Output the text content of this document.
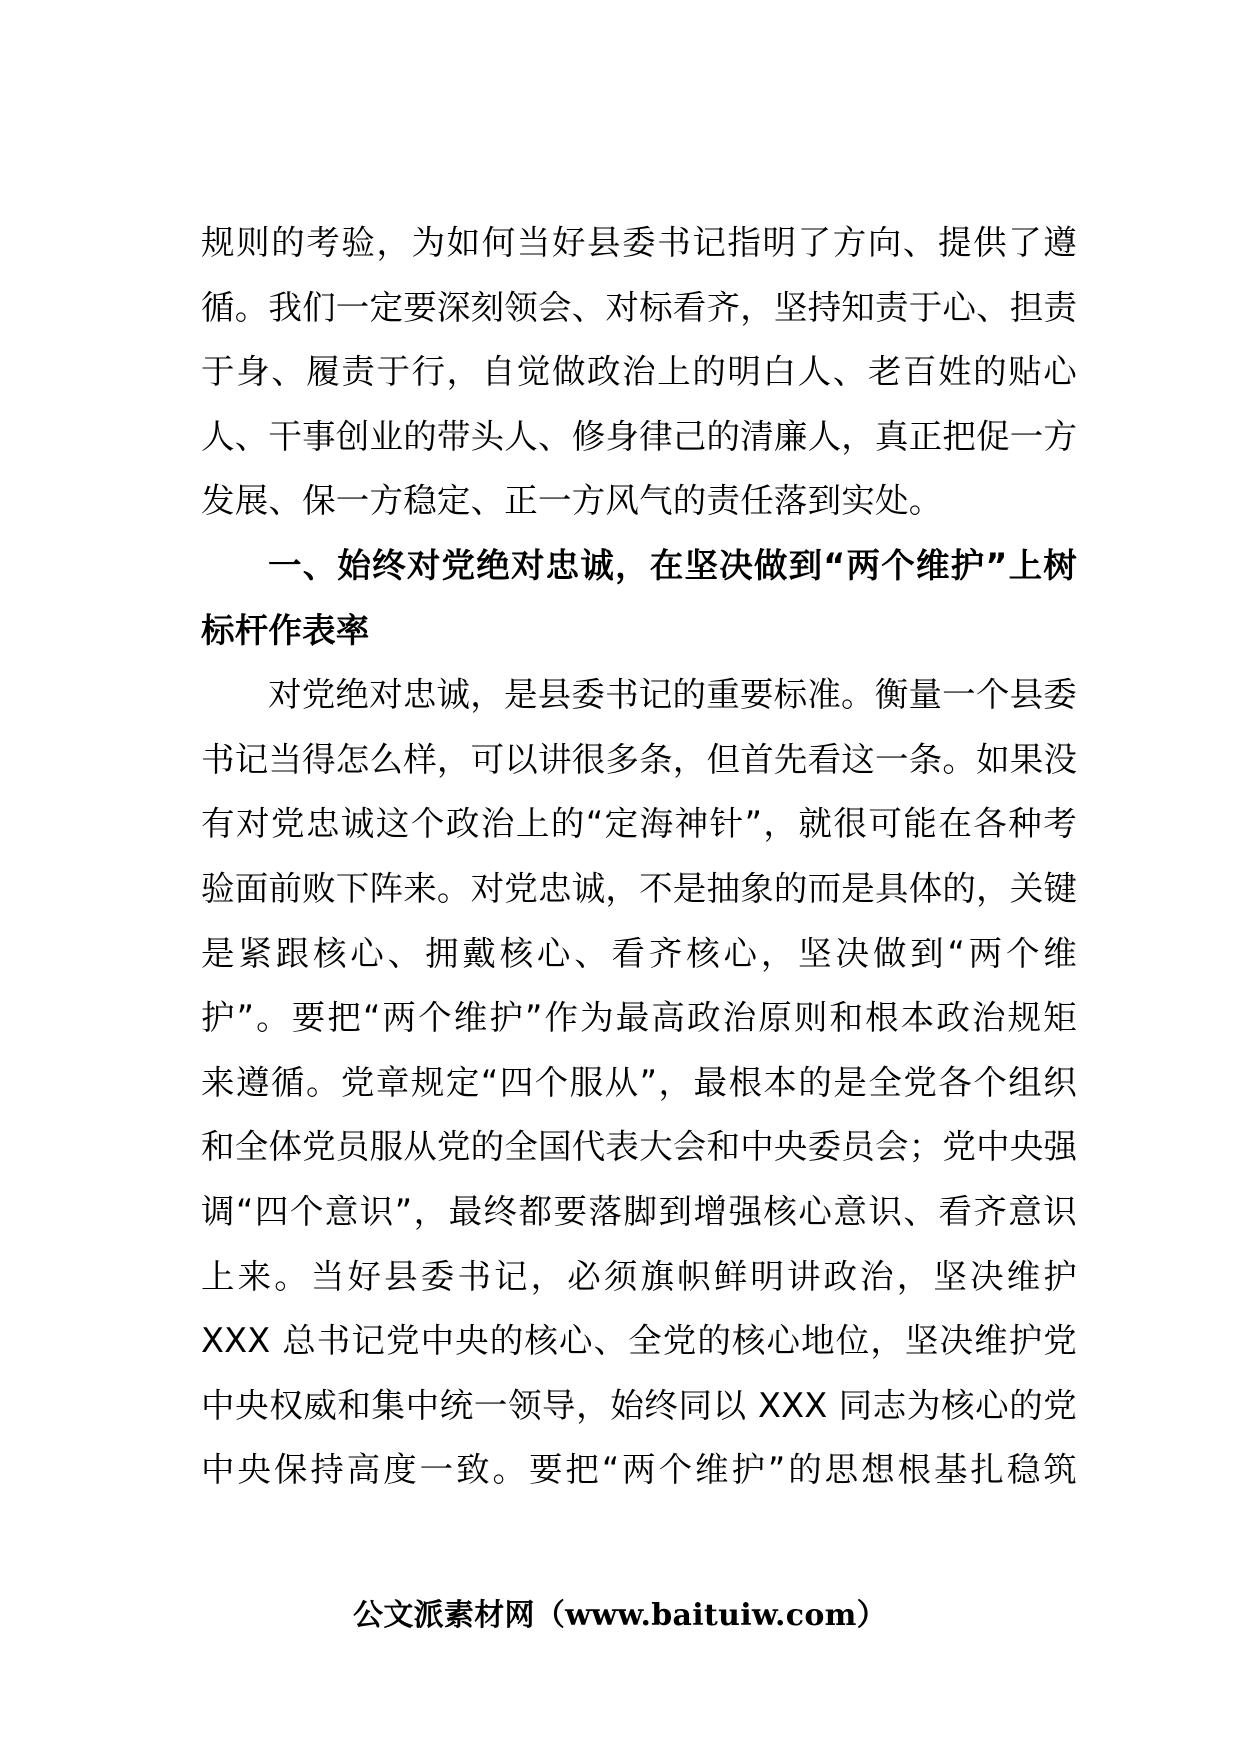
规则的考验，为如何当好县委书记指明了方向、提供了遵
循。我们一定要深刻领会、对标看齐，坚持知责于心、担责
于身、履责于行，自觉做政治上的明白人、老百姓的贴心
人、干事创业的带头人、修身律己的清廉人，真正把促一方
发展、保一方稳定、正一方风气的责任落到实处。
一、始终对党绝对忠诚，在坚决做到“两个维护”上树
标杆作表率
对党绝对忠诚，是县委书记的重要标准。衡量一个县委
书记当得怎么样，可以讲很多条，但首先看这一条。如果没
有对党忠诚这个政治上的“定海神针”，就很可能在各种考
验面前败下阵来。对党忠诚，不是抽象的而是具体的，关键
是紧跟核心、拥戴核心、看齐核心，坚决做到“两个维
护”。要把“两个维护”作为最高政治原则和根本政治规矩
来遵循。党章规定“四个服从”，最根本的是全党各个组织
和全体党员服从党的全国代表大会和中央委员会；党中央强
调“四个意识”，最终都要落脚到增强核心意识、看齐意识
上来。当好县委书记，必须旗帜鲜明讲政治，坚决维护
XXX 总书记党中央的核心、全党的核心地位，坚决维护党
中央权威和集中统一领导，始终同以 XXX 同志为核心的党
中央保持高度一致。要把“两个维护”的思想根基扎稳筑
公文派素材网（www.baituiw.com）
